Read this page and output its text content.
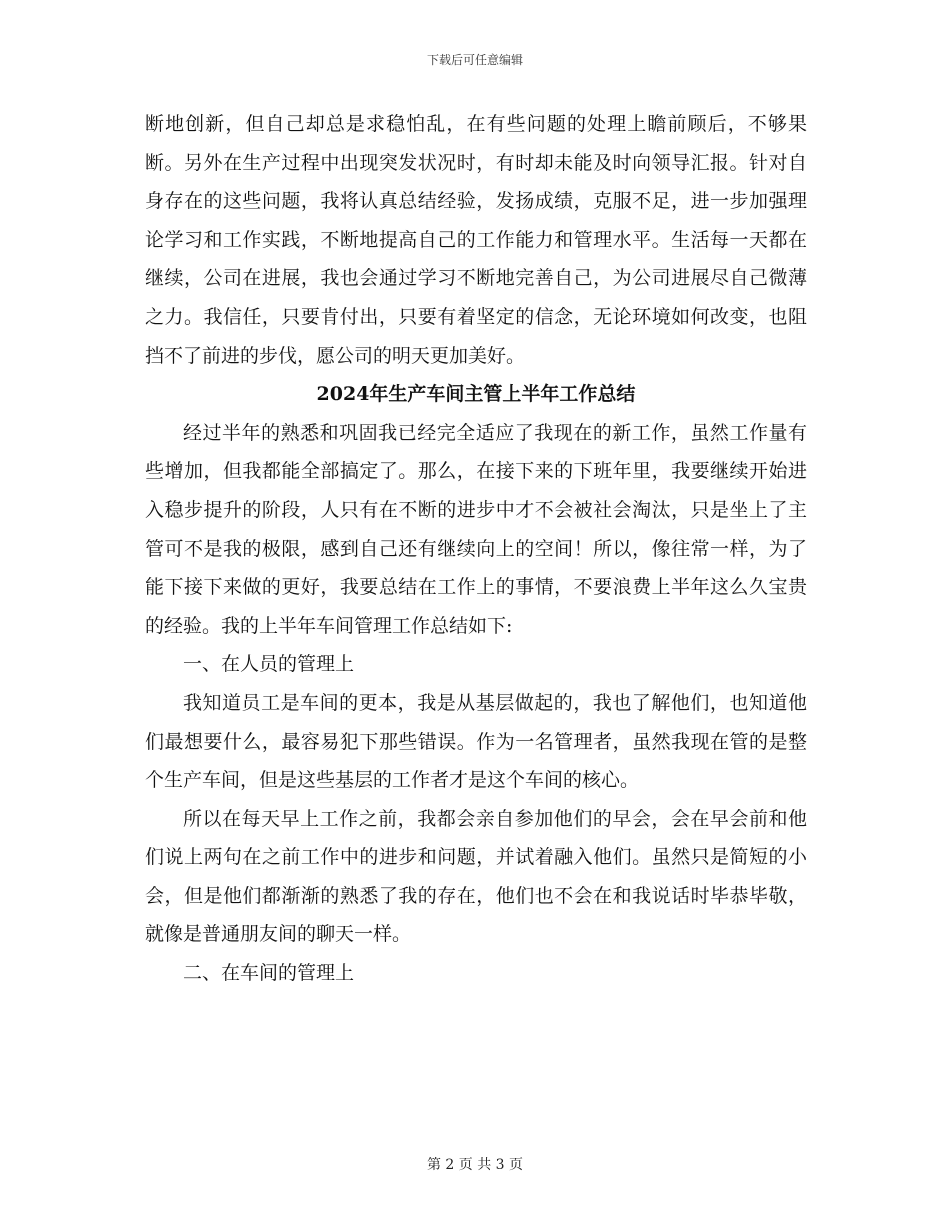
下载后可任意编辑

断地创新，但自己却总是求稳怕乱，在有些问题的处理上瞻前顾后，不够果断。另外在生产过程中出现突发状况时，有时却未能及时向领导汇报。针对自身存在的这些问题，我将认真总结经验，发扬成绩，克服不足，进一步加强理论学习和工作实践，不断地提高自己的工作能力和管理水平。生活每一天都在继续，公司在进展，我也会通过学习不断地完善自己，为公司进展尽自己微薄之力。我信任，只要肯付出，只要有着坚定的信念，无论环境如何改变，也阻挡不了前进的步伐，愿公司的明天更加美好。

2024年生产车间主管上半年工作总结

经过半年的熟悉和巩固我已经完全适应了我现在的新工作，虽然工作量有些增加，但我都能全部搞定了。那么，在接下来的下班年里，我要继续开始进入稳步提升的阶段，人只有在不断的进步中才不会被社会淘汰，只是坐上了主管可不是我的极限，感到自己还有继续向上的空间！所以，像往常一样，为了能下接下来做的更好，我要总结在工作上的事情，不要浪费上半年这么久宝贵的经验。我的上半年车间管理工作总结如下:

一、在人员的管理上

我知道员工是车间的更本，我是从基层做起的，我也了解他们，也知道他们最想要什么，最容易犯下那些错误。作为一名管理者，虽然我现在管的是整个生产车间，但是这些基层的工作者才是这个车间的核心。

所以在每天早上工作之前，我都会亲自参加他们的早会，会在早会前和他们说上两句在之前工作中的进步和问题，并试着融入他们。虽然只是简短的小会，但是他们都渐渐的熟悉了我的存在，他们也不会在和我说话时毕恭毕敬，就像是普通朋友间的聊天一样。

二、在车间的管理上

第 2 页 共 3 页
